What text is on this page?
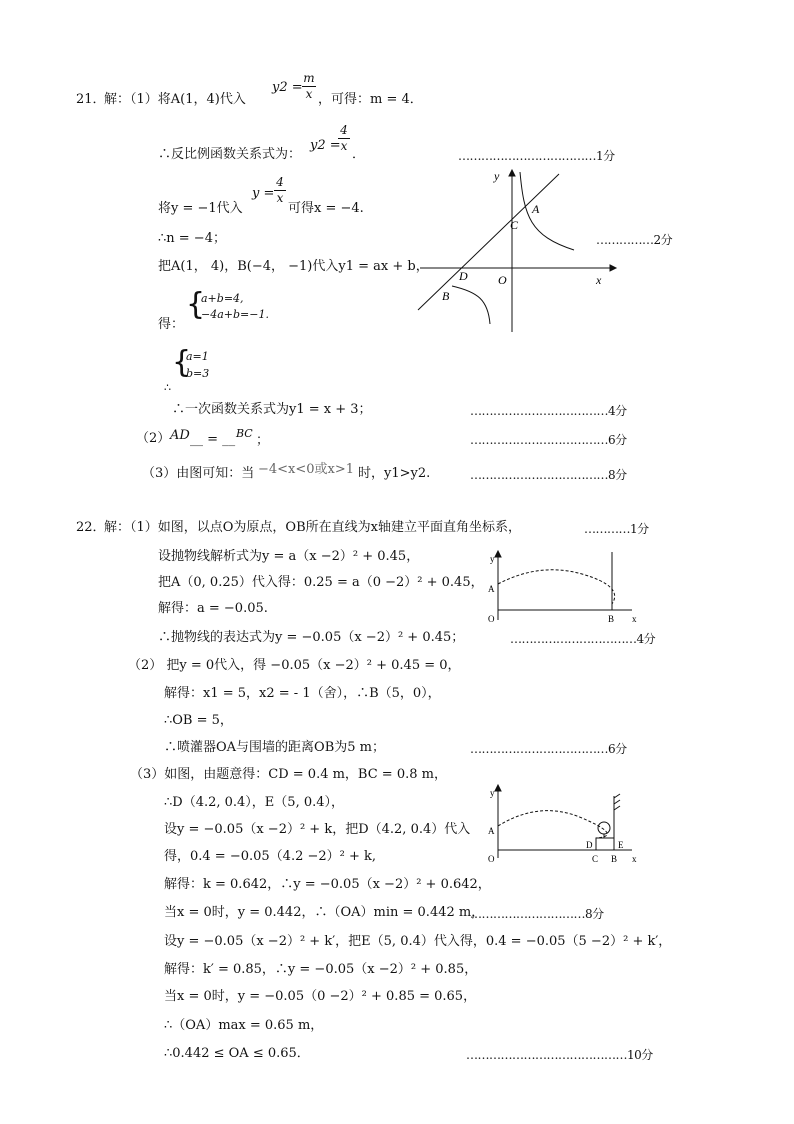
21．
解：（1）将A(1，4)代入
y2 =
m
x ，可得：m = 4．
∴反比例函数关系式为：
y2 =
4
x
．	………………………………1分
将y = −1代入
y =
4
x
可得x = −4.
∴n = −4；	……………2分
把A(1， 4)，B(−4， −1)代入y1 = ax + b，
得：
{
a+b=4,
−4a+b=−1.
{
a=1
b=3
∴
∴一次函数关系式为y1 = x + 3；	………………………………4分
（2） AD __ = __ BC ；	………………………………6分
（3）由图可知：当 −4<x<0或x>1 时，y1>y2.	………………………………8分
y
x
A
C
D	O
B
22．
解：（1）如图，以点O为原点，OB所在直线为x轴建立平面直角坐标系，	…………1分
设抛物线解析式为y = a（x −2）² + 0.45，
把A（0, 0.25）代入得：0.25 = a（0 −2）² + 0.45，
解得：a = −0.05.
∴抛物线的表达式为y = −0.05（x −2）² + 0.45；	……………………………4分
（2） 把y = 0代入，得 −0.05（x −2）² + 0.45 = 0，
解得：x1 = 5，x2 = - 1（舍），∴B（5，0），
∴OB = 5，
∴喷灌器OA与围墙的距离OB为5 m；	………………………………6分
（3）如图，由题意得：CD = 0.4 m，BC = 0.8 m，
∴D（4.2, 0.4），E（5, 0.4），
设y = −0.05（x −2）² + k，把D（4.2, 0.4）代入
得，0.4 = −0.05（4.2 −2）² + k,
解得：k = 0.642，∴y = −0.05（x −2）² + 0.642，
当x = 0时，y = 0.442，∴（OA）min = 0.442 m，
…………………………8分
设y = −0.05（x −2）² + k′，把E（5, 0.4）代入得，0.4 = −0.05（5 −2）² + k′，
解得：k′ = 0.85，∴y = −0.05（x −2）² + 0.85，
当x = 0时，y = −0.05（0 −2）² + 0.85 = 0.65，
∴（OA）max = 0.65 m，
∴0.442 ≤ OA ≤ 0.65．	……………………………………10分
y
A
O	B x
y
A
O
D
C B
E
x
